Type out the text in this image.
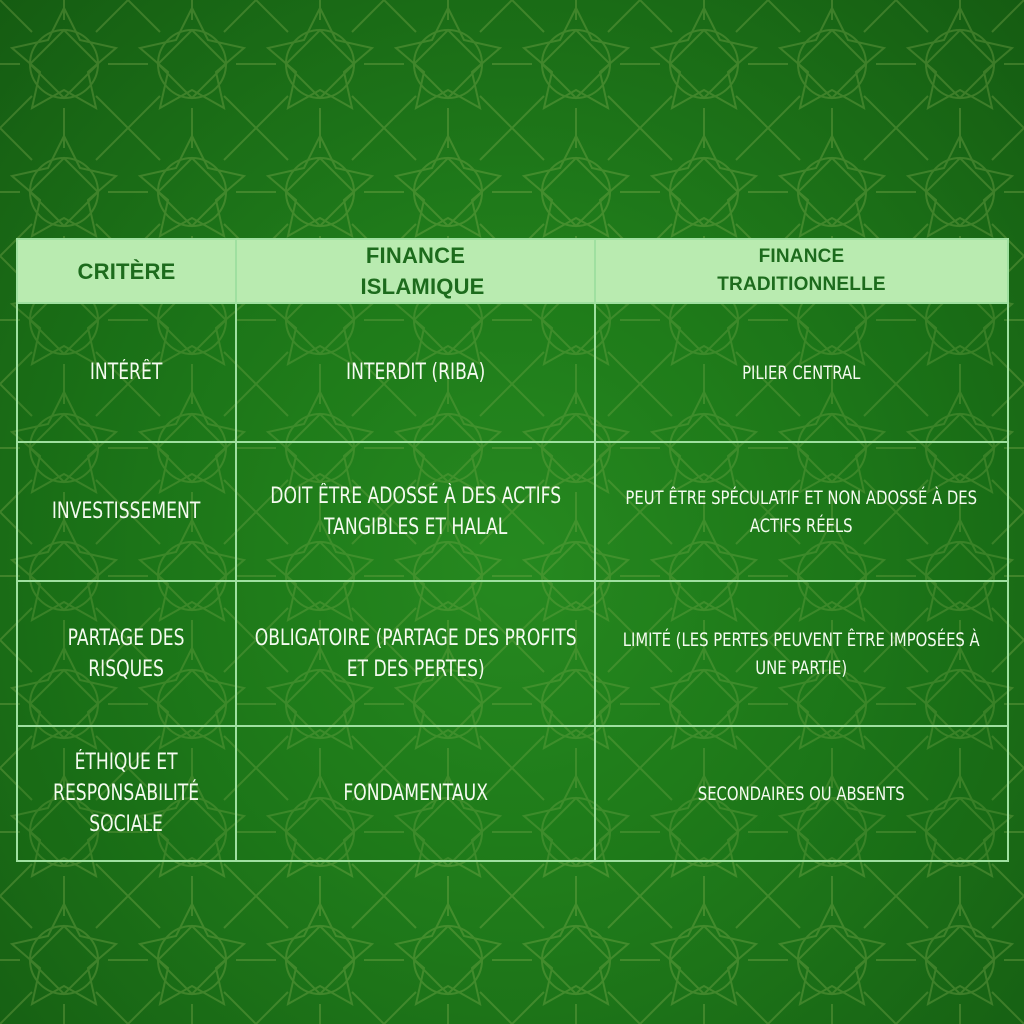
CRITÈRE	FINANCE ISLAMIQUE	FINANCE TRADITIONNELLE

INTÉRÊT	INTERDIT (RIBA)	PILIER CENTRAL
INVESTISSEMENT	DOIT ÊTRE ADOSSÉ À DES ACTIFS TANGIBLES ET HALAL	PEUT ÊTRE SPÉCULATIF ET NON ADOSSÉ À DES ACTIFS RÉELS
PARTAGE DES RISQUES	OBLIGATOIRE (PARTAGE DES PROFITS ET DES PERTES)	LIMITÉ (LES PERTES PEUVENT ÊTRE IMPOSÉES À UNE PARTIE)
ÉTHIQUE ET RESPONSABILITÉ SOCIALE	FONDAMENTAUX	SECONDAIRES OU ABSENTS
